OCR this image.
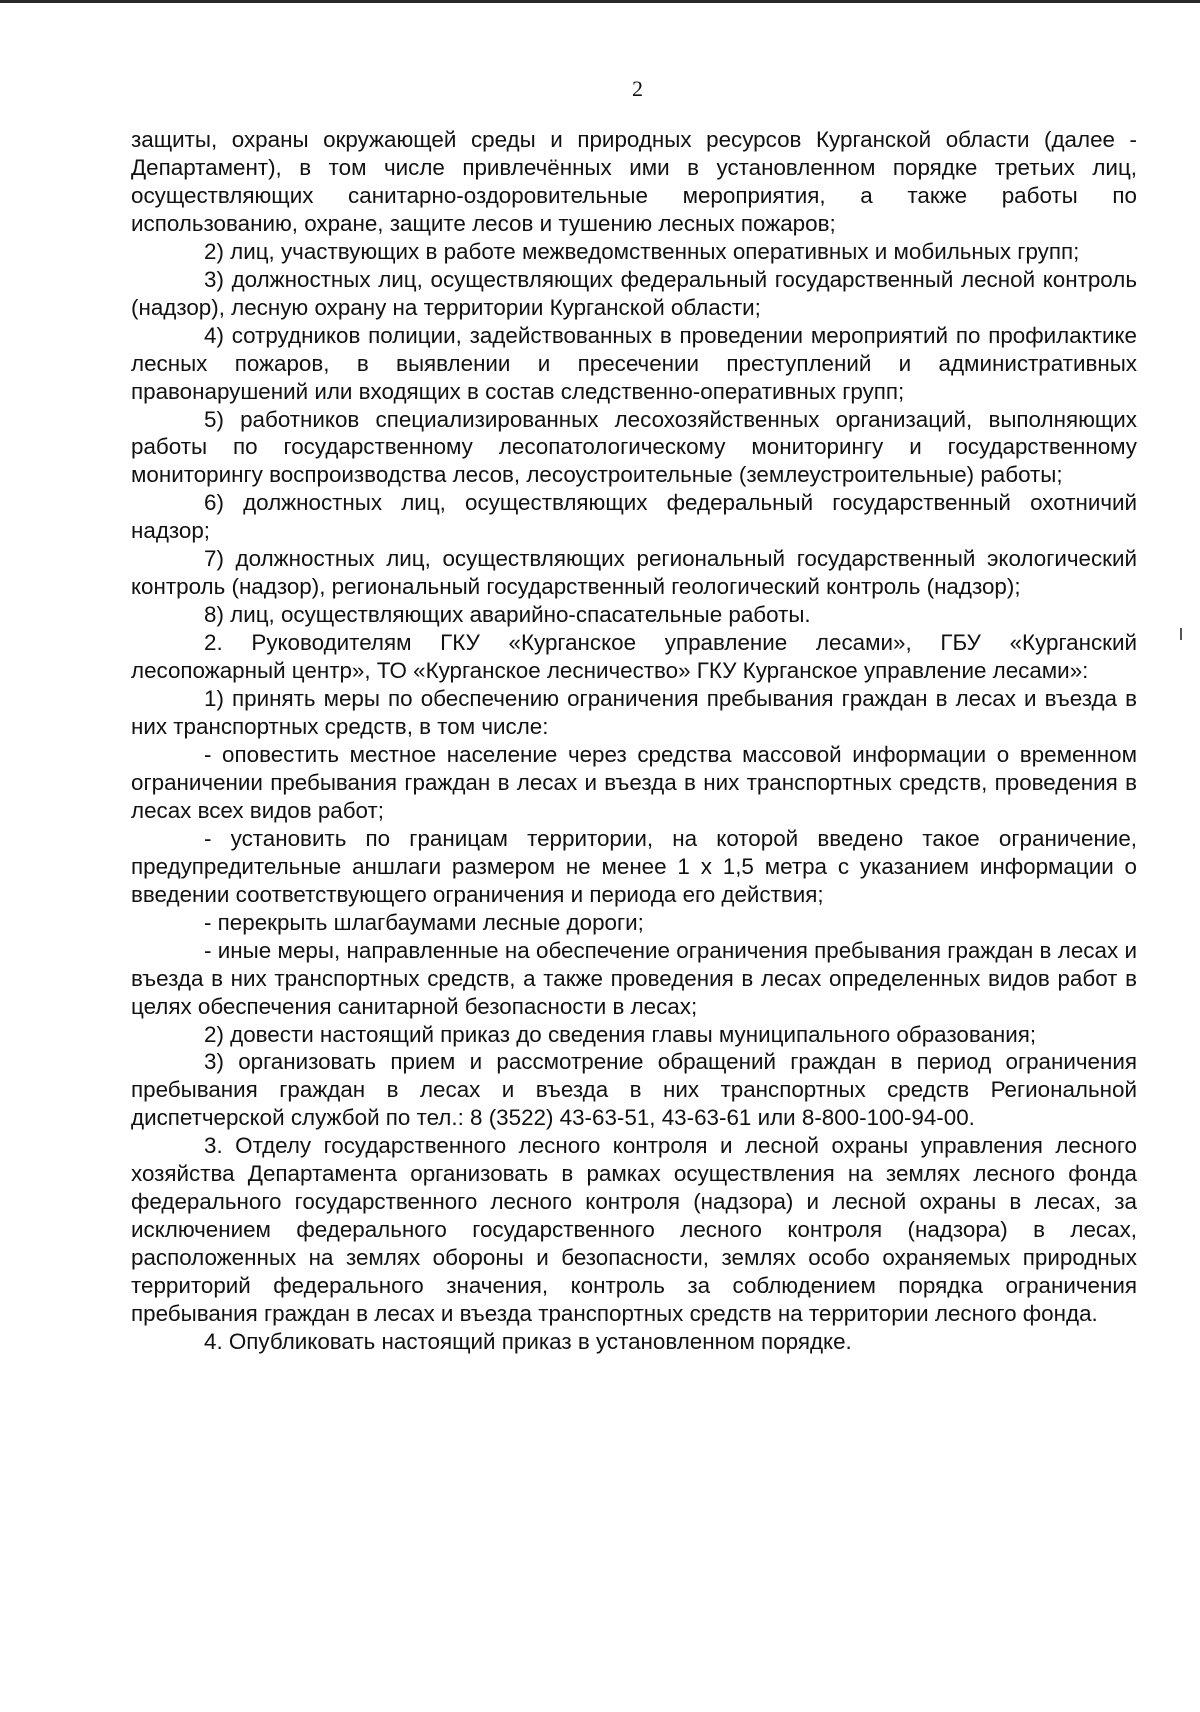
2

защиты, охраны окружающей среды и природных ресурсов Курганской области (далее - Департамент), в том числе привлечённых ими в установленном порядке третьих лиц, осуществляющих санитарно-оздоровительные мероприятия, а также работы по использованию, охране, защите лесов и тушению лесных пожаров;

2) лиц, участвующих в работе межведомственных оперативных и мобильных групп;

3) должностных лиц, осуществляющих федеральный государственный лесной контроль (надзор), лесную охрану на территории Курганской области;

4) сотрудников полиции, задействованных в проведении мероприятий по профилактике лесных пожаров, в выявлении и пресечении преступлений и административных правонарушений или входящих в состав следственно-оперативных групп;

5) работников специализированных лесохозяйственных организаций, выполняющих работы по государственному лесопатологическому мониторингу и государственному мониторингу воспроизводства лесов, лесоустроительные (землеустроительные) работы;

6) должностных лиц, осуществляющих федеральный государственный охотничий надзор;

7) должностных лиц, осуществляющих региональный государственный экологический контроль (надзор), региональный государственный геологический контроль (надзор);

8) лиц, осуществляющих аварийно-спасательные работы.

2. Руководителям ГКУ «Курганское управление лесами», ГБУ «Курганский лесопожарный центр», ТО «Курганское лесничество» ГКУ Курганское управление лесами»:

1) принять меры по обеспечению ограничения пребывания граждан в лесах и въезда в них транспортных средств, в том числе:

- оповестить местное население через средства массовой информации о временном ограничении пребывания граждан в лесах и въезда в них транспортных средств, проведения в лесах всех видов работ;

- установить по границам территории, на которой введено такое ограничение, предупредительные аншлаги размером не менее 1 х 1,5 метра с указанием информации о введении соответствующего ограничения и периода его действия;

- перекрыть шлагбаумами лесные дороги;

- иные меры, направленные на обеспечение ограничения пребывания граждан в лесах и въезда в них транспортных средств, а также проведения в лесах определенных видов работ в целях обеспечения санитарной безопасности в лесах;

2) довести настоящий приказ до сведения главы муниципального образования;

3) организовать прием и рассмотрение обращений граждан в период ограничения пребывания граждан в лесах и въезда в них транспортных средств Региональной диспетчерской службой по тел.: 8 (3522) 43-63-51, 43-63-61 или 8-800-100-94-00.

3. Отделу государственного лесного контроля и лесной охраны управления лесного хозяйства Департамента организовать в рамках осуществления на землях лесного фонда федерального государственного лесного контроля (надзора) и лесной охраны в лесах, за исключением федерального государственного лесного контроля (надзора) в лесах, расположенных на землях обороны и безопасности, землях особо охраняемых природных территорий федерального значения, контроль за соблюдением порядка ограничения пребывания граждан в лесах и въезда транспортных средств на территории лесного фонда.

4. Опубликовать настоящий приказ в установленном порядке.
